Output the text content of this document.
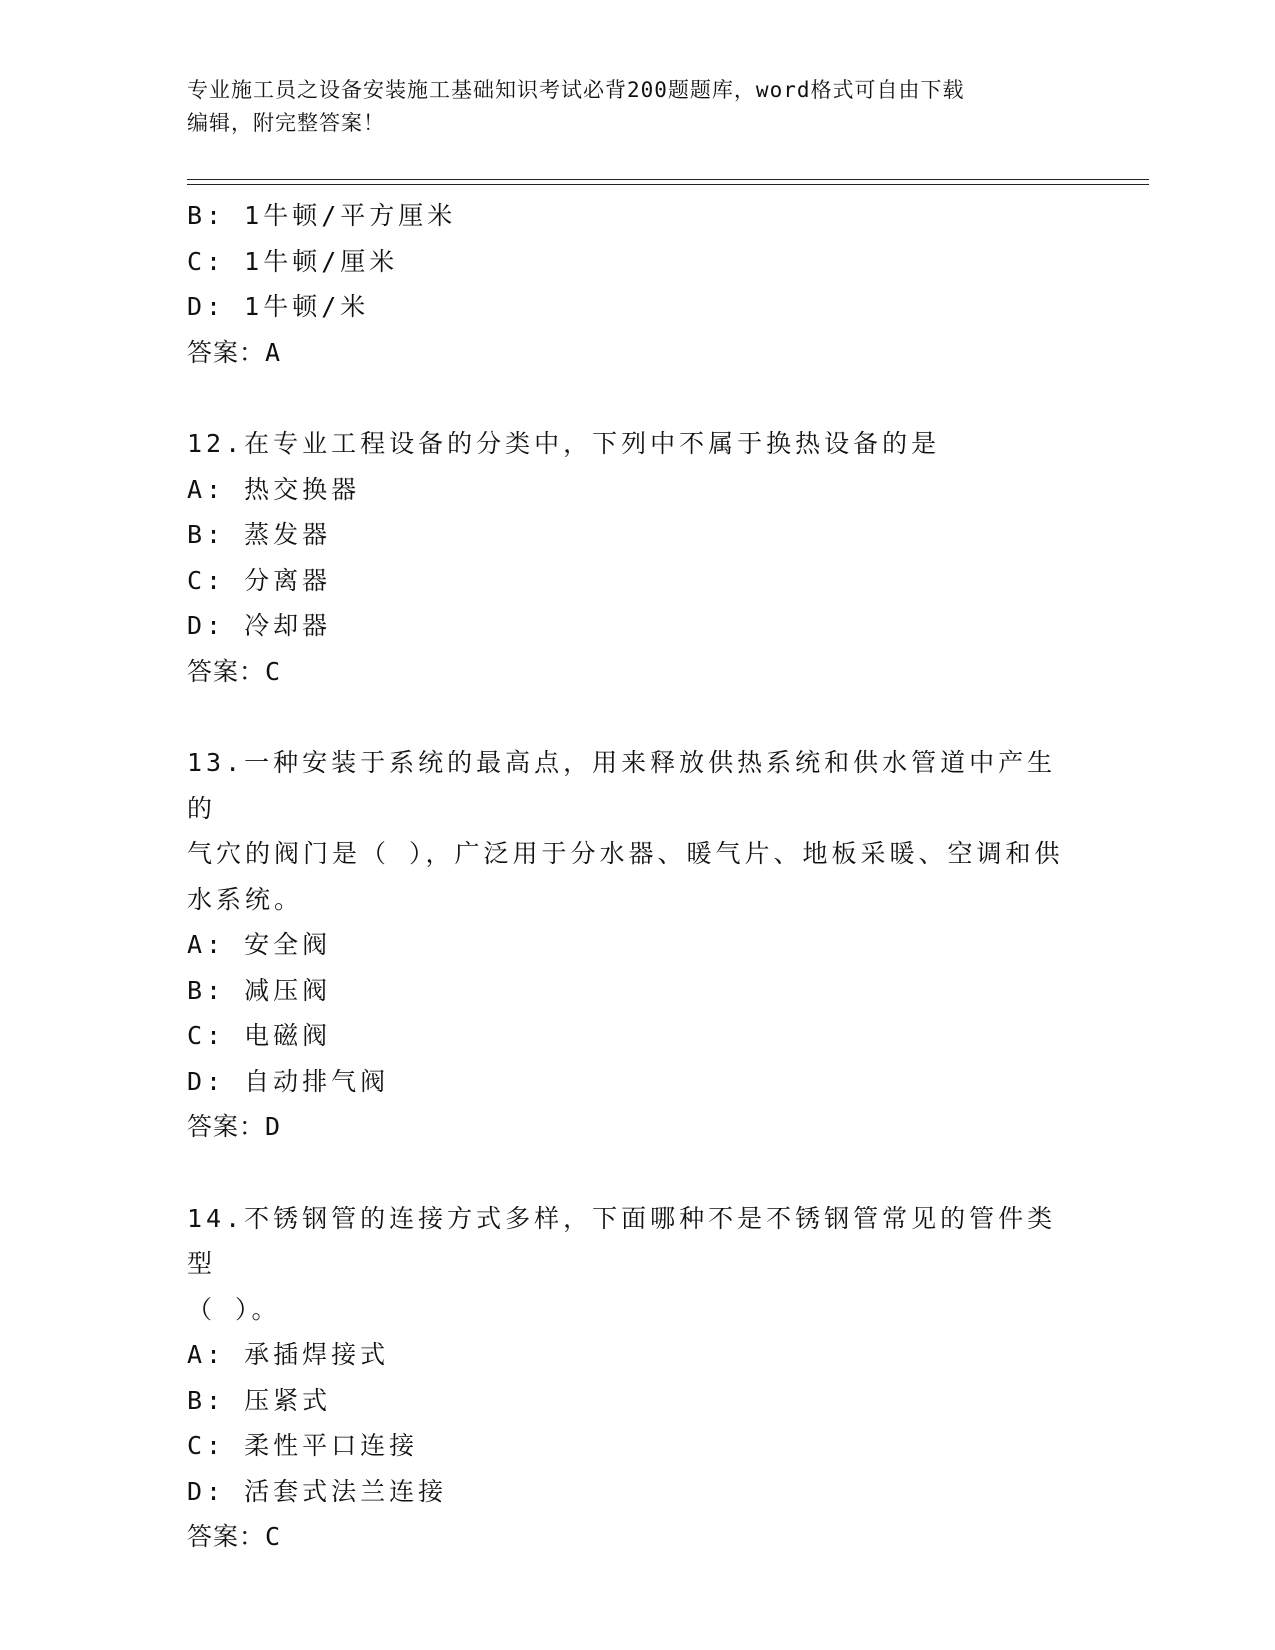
专业施工员之设备安装施工基础知识考试必背200题题库，word格式可自由下载
编辑，附完整答案！
B: 1牛顿/平方厘米
C: 1牛顿/厘米
D: 1牛顿/米
答案：A
12.在专业工程设备的分类中，下列中不属于换热设备的是
A: 热交换器
B: 蒸发器
C: 分离器
D: 冷却器
答案：C
13.一种安装于系统的最高点，用来释放供热系统和供水管道中产生的
气穴的阀门是（ ），广泛用于分水器、暖气片、地板采暖、空调和供
水系统。
A: 安全阀
B: 减压阀
C: 电磁阀
D: 自动排气阀
答案：D
14.不锈钢管的连接方式多样，下面哪种不是不锈钢管常见的管件类型
（ ）。
A: 承插焊接式
B: 压紧式
C: 柔性平口连接
D: 活套式法兰连接
答案：C
